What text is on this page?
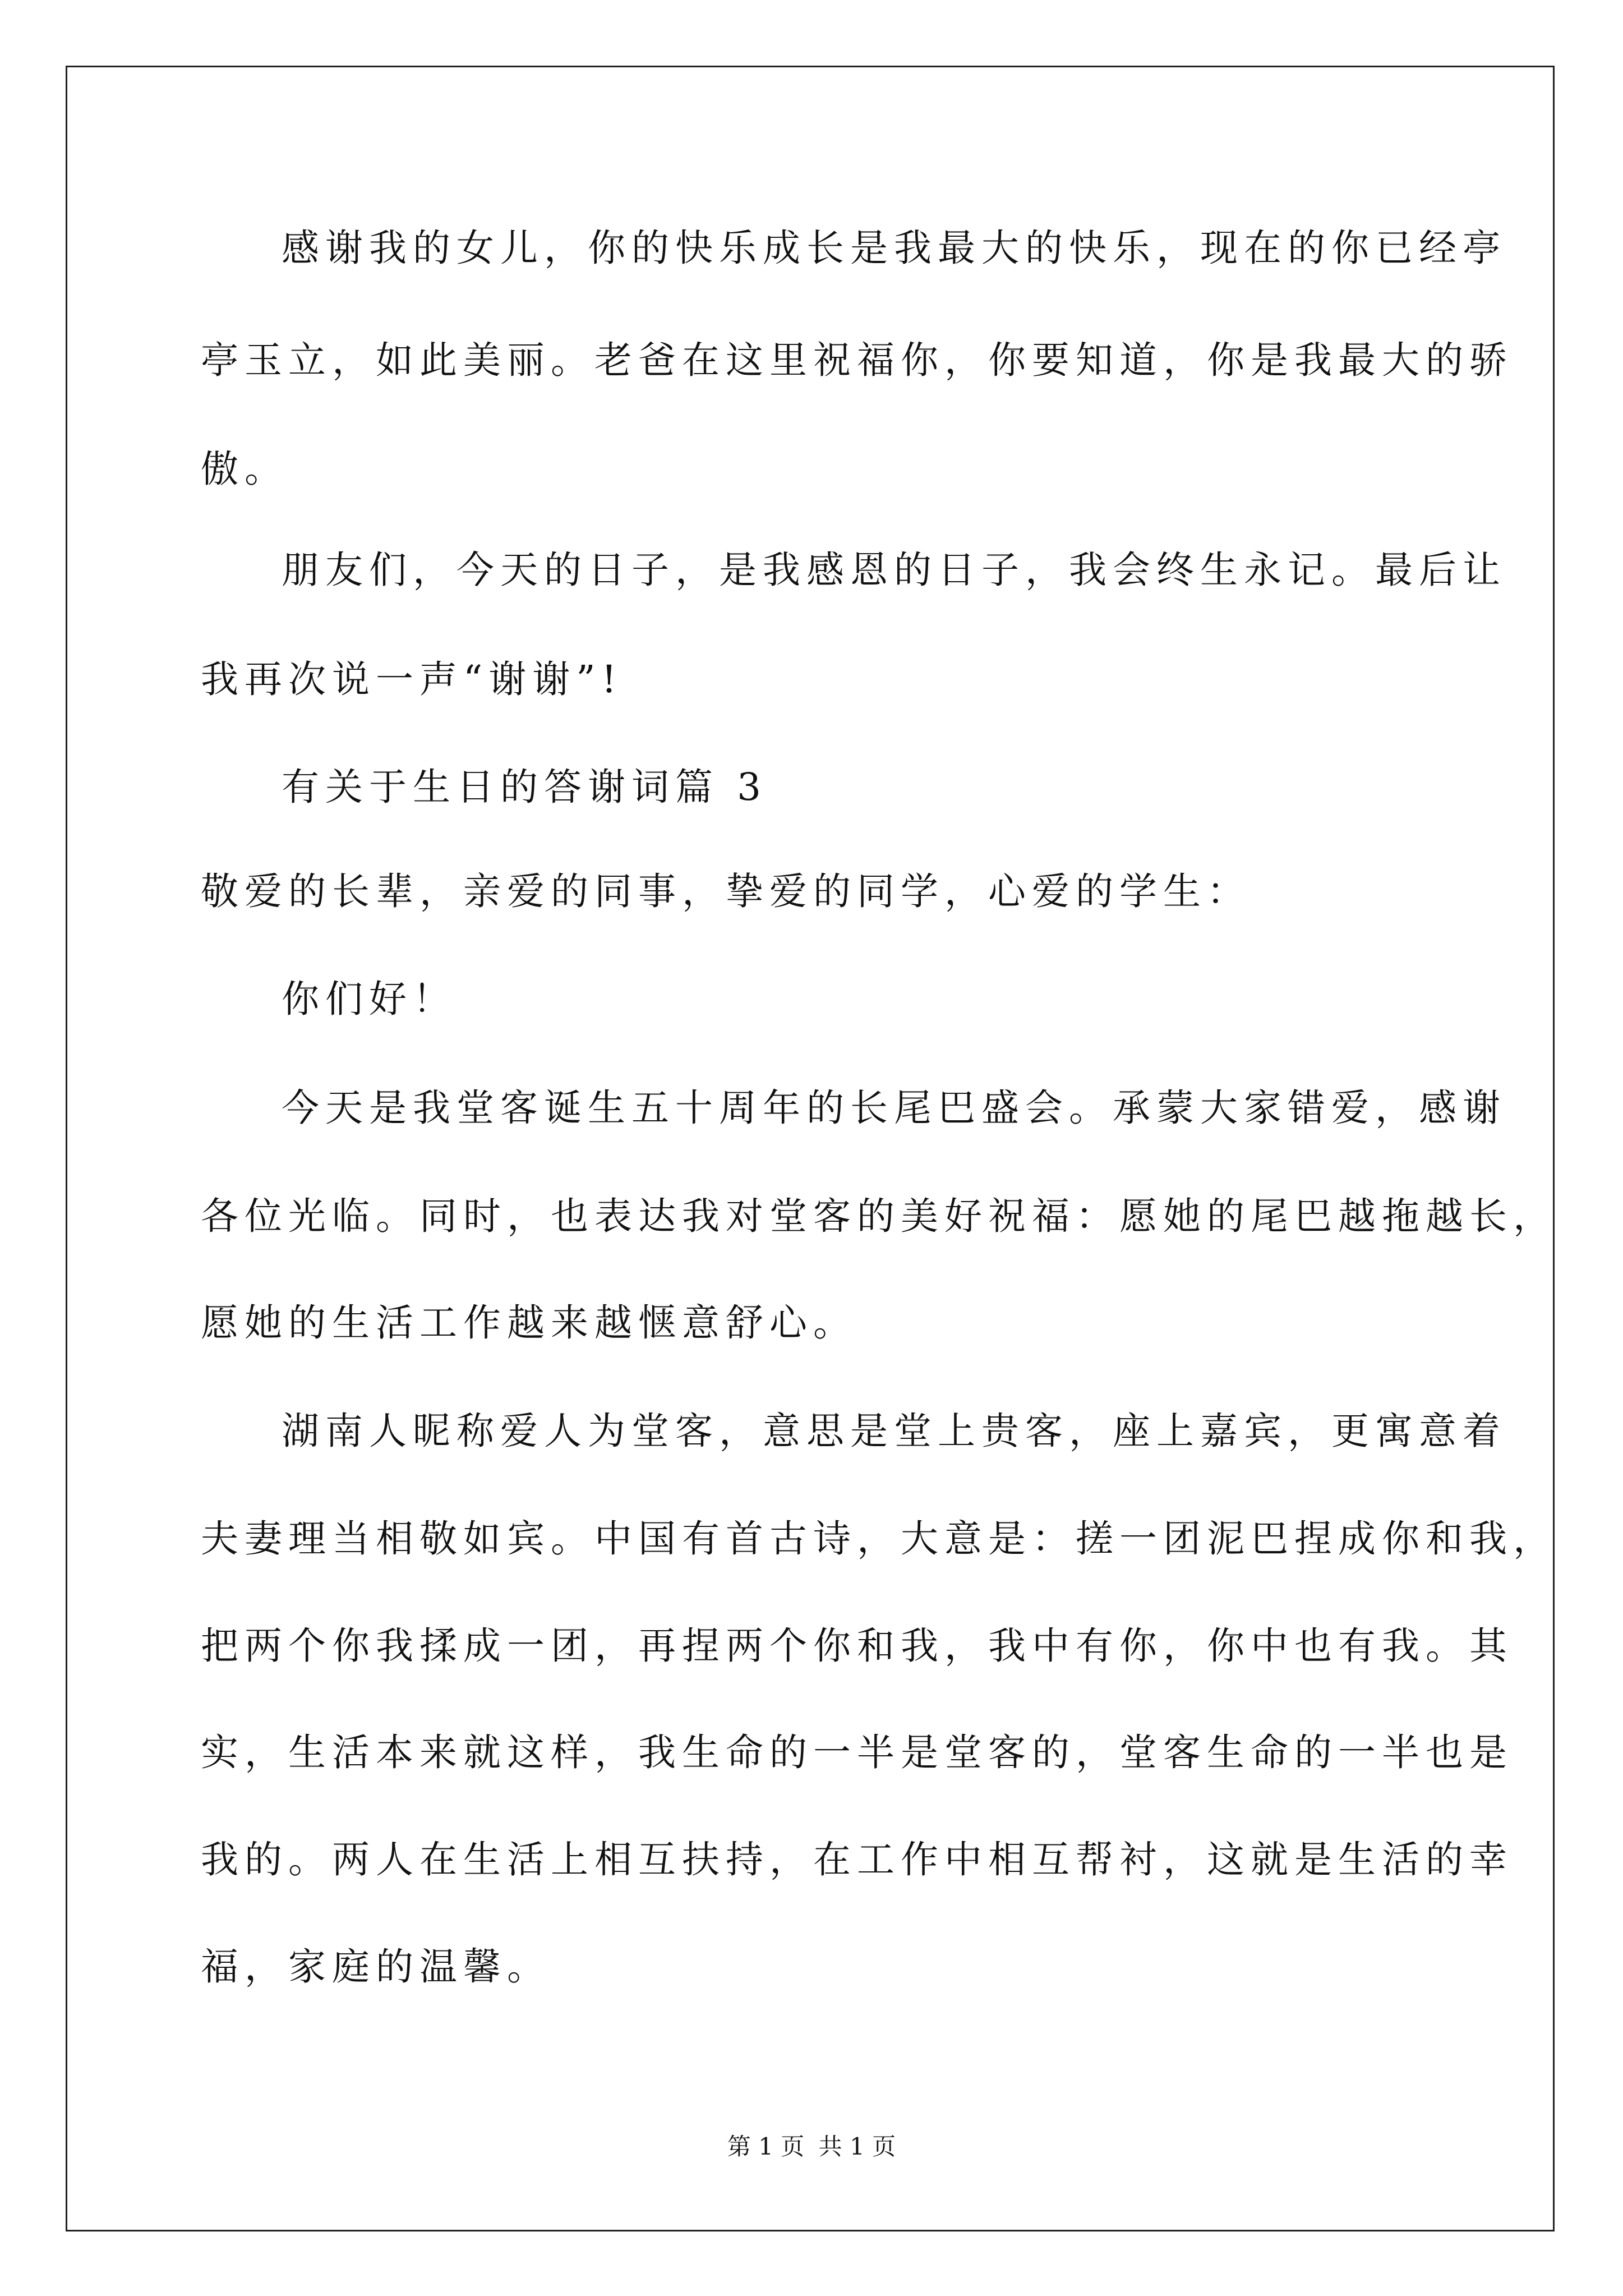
感谢我的女儿，你的快乐成长是我最大的快乐，现在的你已经亭
亭玉立，如此美丽。老爸在这里祝福你，你要知道，你是我最大的骄
傲。
朋友们，今天的日子，是我感恩的日子，我会终生永记。最后让
我再次说一声“谢谢”!
有关于生日的答谢词篇 3
敬爱的长辈，亲爱的同事，挚爱的同学，心爱的学生：
你们好！
今天是我堂客诞生五十周年的长尾巴盛会。承蒙大家错爱，感谢
各位光临。同时，也表达我对堂客的美好祝福：愿她的尾巴越拖越长，
愿她的生活工作越来越惬意舒心。
湖南人昵称爱人为堂客，意思是堂上贵客，座上嘉宾，更寓意着
夫妻理当相敬如宾。中国有首古诗，大意是：搓一团泥巴捏成你和我，
把两个你我揉成一团，再捏两个你和我，我中有你，你中也有我。其
实，生活本来就这样，我生命的一半是堂客的，堂客生命的一半也是
我的。两人在生活上相互扶持，在工作中相互帮衬，这就是生活的幸
福，家庭的温馨。
第 1 页 共 1 页
